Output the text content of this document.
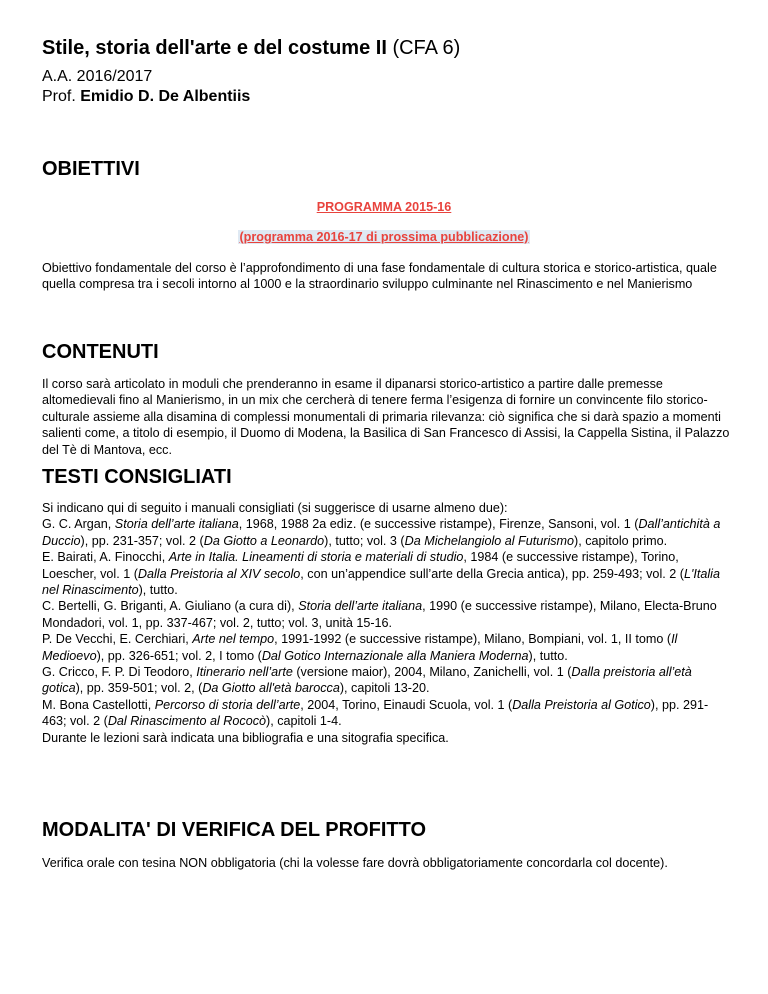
Stile, storia dell'arte e del costume II (CFA 6)

A.A. 2016/2017

Prof. Emidio D. De Albentiis

OBIETTIVI
PROGRAMMA 2015-16
(programma 2016-17 di prossima pubblicazione)

Obiettivo fondamentale del corso è l’approfondimento di una fase fondamentale di cultura storica e storico-artistica, quale quella compresa tra i secoli intorno al 1000 e la straordinario sviluppo culminante nel Rinascimento e nel Manierismo

CONTENUTI

Il corso sarà articolato in moduli che prenderanno in esame il dipanarsi storico-artistico a partire dalle premesse altomedievali fino al Manierismo, in un mix che cercherà di tenere ferma l’esigenza di fornire un convincente filo storico-culturale assieme alla disamina di complessi monumentali di primaria rilevanza: ciò significa che si darà spazio a momenti salienti come, a titolo di esempio, il Duomo di Modena, la Basilica di San Francesco di Assisi, la Cappella Sistina, il Palazzo del Tè di Mantova, ecc.

TESTI CONSIGLIATI
Si indicano qui di seguito i manuali consigliati (si suggerisce di usarne almeno due):
G. C. Argan, Storia dell’arte italiana, 1968, 1988 2a ediz. (e successive ristampe), Firenze, Sansoni, vol. 1 (Dall’antichità a Duccio), pp. 231-357; vol. 2 (Da Giotto a Leonardo), tutto; vol. 3 (Da Michelangiolo al Futurismo), capitolo primo.
E. Bairati, A. Finocchi, Arte in Italia. Lineamenti di storia e materiali di studio, 1984 (e successive ristampe), Torino, Loescher, vol. 1 (Dalla Preistoria al XIV secolo, con un’appendice sull’arte della Grecia antica), pp. 259-493; vol. 2 (L'Italia nel Rinascimento), tutto.
C. Bertelli, G. Briganti, A. Giuliano (a cura di), Storia dell’arte italiana, 1990 (e successive ristampe), Milano, Electa-Bruno Mondadori, vol. 1, pp. 337-467; vol. 2, tutto; vol. 3, unità 15-16.
P. De Vecchi, E. Cerchiari, Arte nel tempo, 1991-1992 (e successive ristampe), Milano, Bompiani, vol. 1, II tomo (Il Medioevo), pp. 326-651; vol. 2, I tomo (Dal Gotico Internazionale alla Maniera Moderna), tutto.
G. Cricco, F. P. Di Teodoro, Itinerario nell’arte (versione maior), 2004, Milano, Zanichelli, vol. 1 (Dalla preistoria all’età gotica), pp. 359-501; vol. 2, (Da Giotto all'età barocca), capitoli 13-20.
M. Bona Castellotti, Percorso di storia dell’arte, 2004, Torino, Einaudi Scuola, vol. 1 (Dalla Preistoria al Gotico), pp. 291-463; vol. 2 (Dal Rinascimento al Rococò), capitoli 1-4.
Durante le lezioni sarà indicata una bibliografia e una sitografia specifica.
MODALITA' DI VERIFICA DEL PROFITTO

Verifica orale con tesina NON obbligatoria (chi la volesse fare dovrà obbligatoriamente concordarla col docente).
